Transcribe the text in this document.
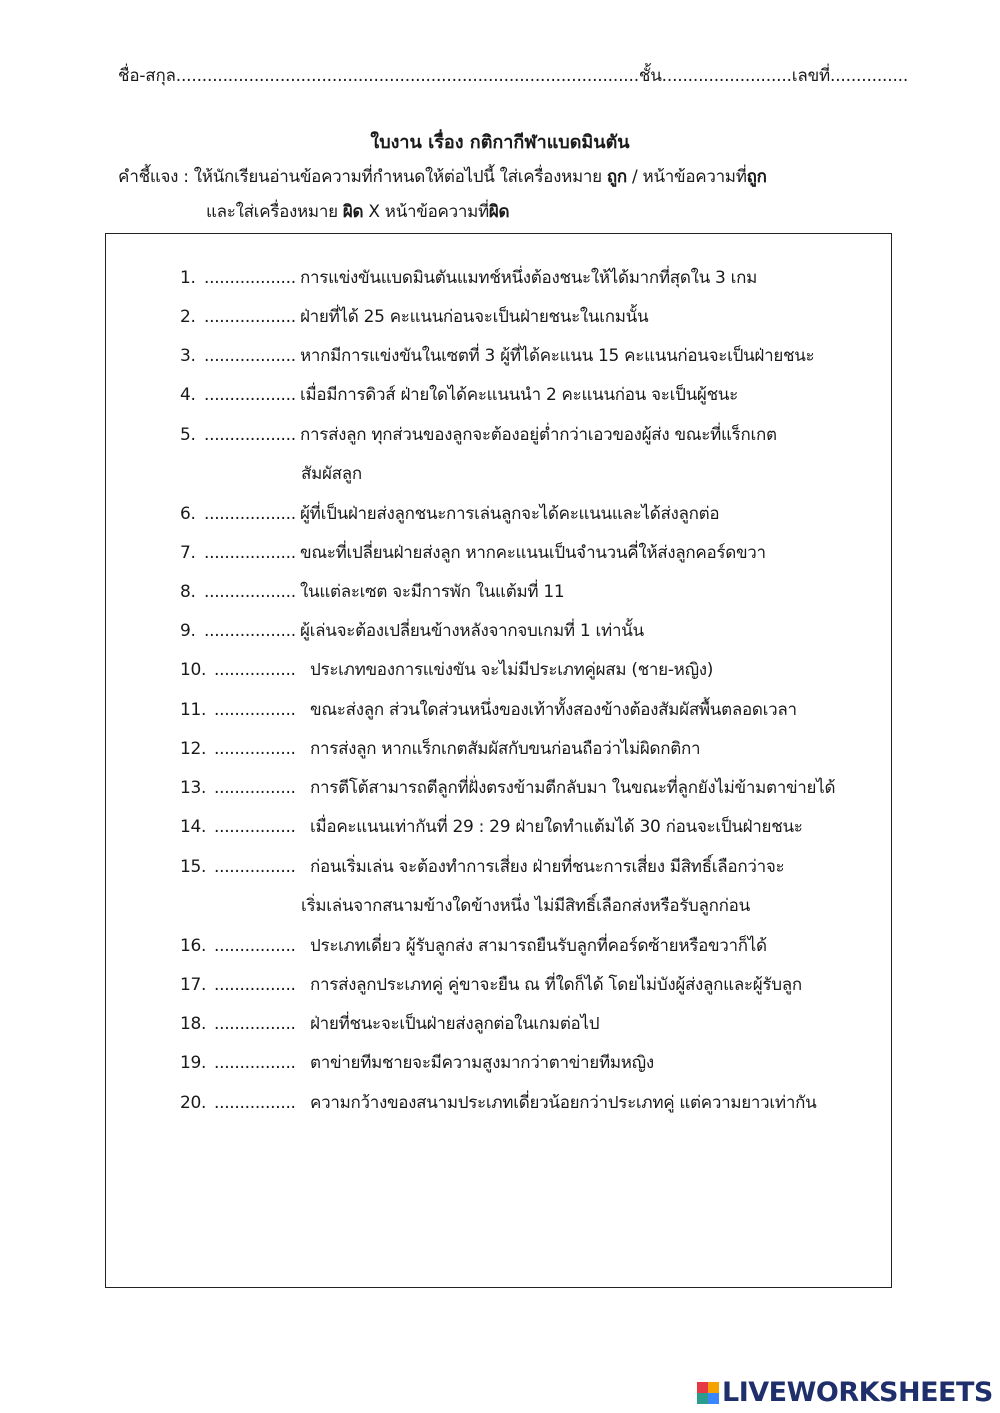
ชื่อ-สกุล.........................................................................................ชั้น.........................เลขที่...............
ใบงาน เรื่อง กติกากีฬาแบดมินตัน
คำชี้แจง : ให้นักเรียนอ่านข้อความที่กำหนดให้ต่อไปนี้ ใส่เครื่องหมาย ถูก / หน้าข้อความที่ถูก
และใส่เครื่องหมาย ผิด X หน้าข้อความที่ผิด
1. .................. การแข่งขันแบดมินตันแมทช์หนึ่งต้องชนะให้ได้มากที่สุดใน 3 เกม
2. .................. ฝ่ายที่ได้ 25 คะแนนก่อนจะเป็นฝ่ายชนะในเกมนั้น
3. .................. หากมีการแข่งขันในเซตที่ 3 ผู้ที่ได้คะแนน 15 คะแนนก่อนจะเป็นฝ่ายชนะ
4. .................. เมื่อมีการดิวส์ ฝ่ายใดได้คะแนนนำ 2 คะแนนก่อน จะเป็นผู้ชนะ
5. .................. การส่งลูก ทุกส่วนของลูกจะต้องอยู่ต่ำกว่าเอวของผู้ส่ง ขณะที่แร็กเกต
สัมผัสลูก
6. .................. ผู้ที่เป็นฝ่ายส่งลูกชนะการเล่นลูกจะได้คะแนนและได้ส่งลูกต่อ
7. .................. ขณะที่เปลี่ยนฝ่ายส่งลูก หากคะแนนเป็นจำนวนคี่ให้ส่งลูกคอร์ดขวา
8. .................. ในแต่ละเซต จะมีการพัก ในแต้มที่ 11
9. .................. ผู้เล่นจะต้องเปลี่ยนข้างหลังจากจบเกมที่ 1 เท่านั้น
10. ................ ประเภทของการแข่งขัน จะไม่มีประเภทคู่ผสม (ชาย-หญิง)
11. ................ ขณะส่งลูก ส่วนใดส่วนหนึ่งของเท้าทั้งสองข้างต้องสัมผัสพื้นตลอดเวลา
12. ................ การส่งลูก หากแร็กเกตสัมผัสกับขนก่อนถือว่าไม่ผิดกติกา
13. ................ การตีโต้สามารถตีลูกที่ฝั่งตรงข้ามตีกลับมา ในขณะที่ลูกยังไม่ข้ามตาข่ายได้
14. ................ เมื่อคะแนนเท่ากันที่ 29 : 29 ฝ่ายใดทำแต้มได้ 30 ก่อนจะเป็นฝ่ายชนะ
15. ................ ก่อนเริ่มเล่น จะต้องทำการเสี่ยง ฝ่ายที่ชนะการเสี่ยง มีสิทธิ์เลือกว่าจะ
เริ่มเล่นจากสนามข้างใดข้างหนึ่ง ไม่มีสิทธิ์เลือกส่งหรือรับลูกก่อน
16. ................ ประเภทเดี่ยว ผู้รับลูกส่ง สามารถยืนรับลูกที่คอร์ดซ้ายหรือขวาก็ได้
17. ................ การส่งลูกประเภทคู่ คู่ขาจะยืน ณ ที่ใดก็ได้ โดยไม่บังผู้ส่งลูกและผู้รับลูก
18. ................ ฝ่ายที่ชนะจะเป็นฝ่ายส่งลูกต่อในเกมต่อไป
19. ................ ตาข่ายทีมชายจะมีความสูงมากว่าตาข่ายทีมหญิง
20. ................ ความกว้างของสนามประเภทเดี่ยวน้อยกว่าประเภทคู่ แต่ความยาวเท่ากัน
LIVEWORKSHEETS
